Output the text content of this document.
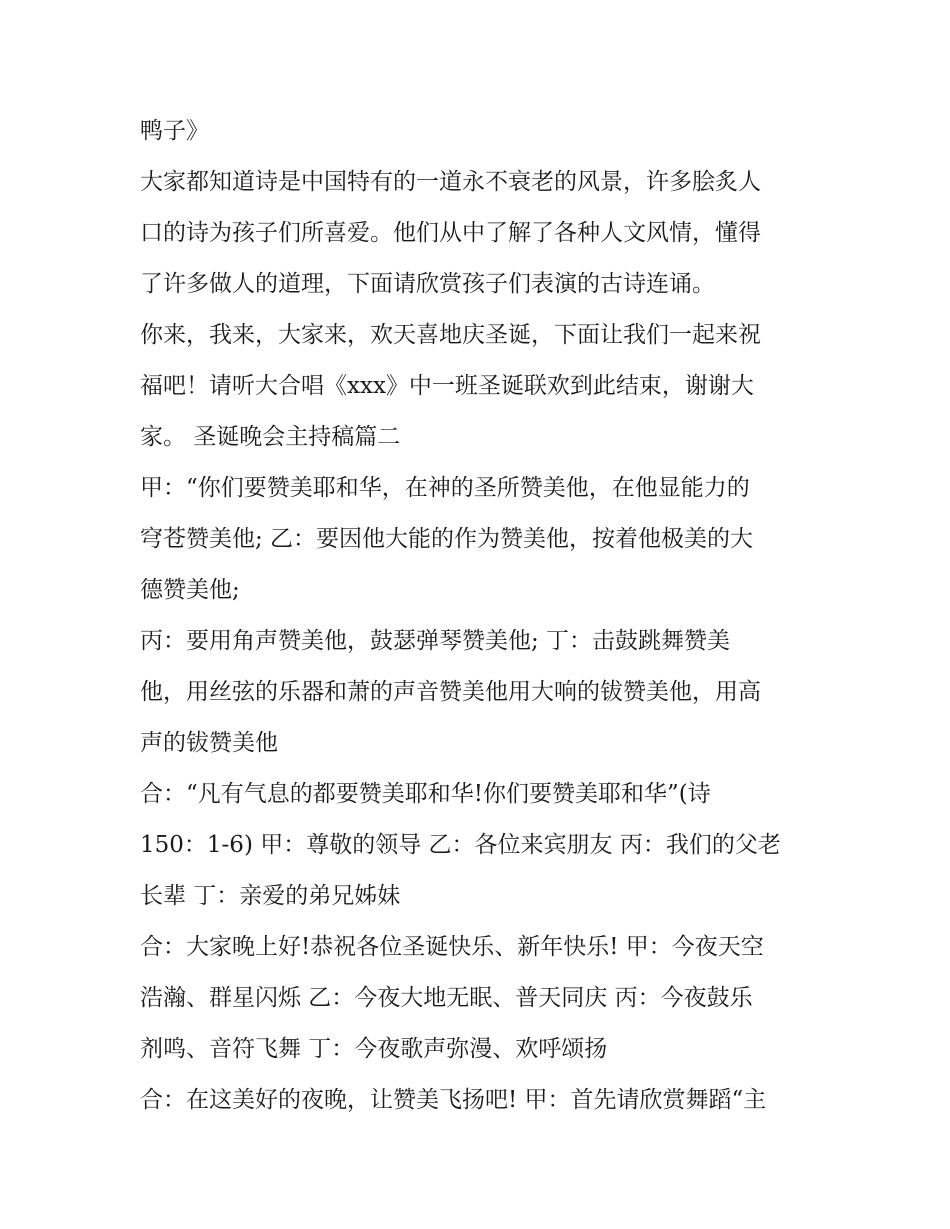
鸭子》
大家都知道诗是中国特有的一道永不衰老的风景，许多脍炙人
口的诗为孩子们所喜爱。他们从中了解了各种人文风情，懂得
了许多做人的道理，下面请欣赏孩子们表演的古诗连诵。
你来，我来，大家来，欢天喜地庆圣诞，下面让我们一起来祝
福吧！请听大合唱《xxx》中一班圣诞联欢到此结束，谢谢大
家。 圣诞晚会主持稿篇二
甲：“你们要赞美耶和华，在神的圣所赞美他，在他显能力的
穹苍赞美他; 乙：要因他大能的作为赞美他，按着他极美的大
德赞美他;
丙：要用角声赞美他，鼓瑟弹琴赞美他; 丁：击鼓跳舞赞美
他，用丝弦的乐器和萧的声音赞美他用大响的钹赞美他，用高
声的钹赞美他
合：“凡有气息的都要赞美耶和华!你们要赞美耶和华”(诗
150：1-6) 甲：尊敬的领导 乙：各位来宾朋友 丙：我们的父老
长辈 丁：亲爱的弟兄姊妹
合：大家晚上好!恭祝各位圣诞快乐、新年快乐! 甲：今夜天空
浩瀚、群星闪烁 乙：今夜大地无眠、普天同庆 丙：今夜鼓乐
剂鸣、音符飞舞 丁：今夜歌声弥漫、欢呼颂扬
合：在这美好的夜晚，让赞美飞扬吧! 甲：首先请欣赏舞蹈“主
